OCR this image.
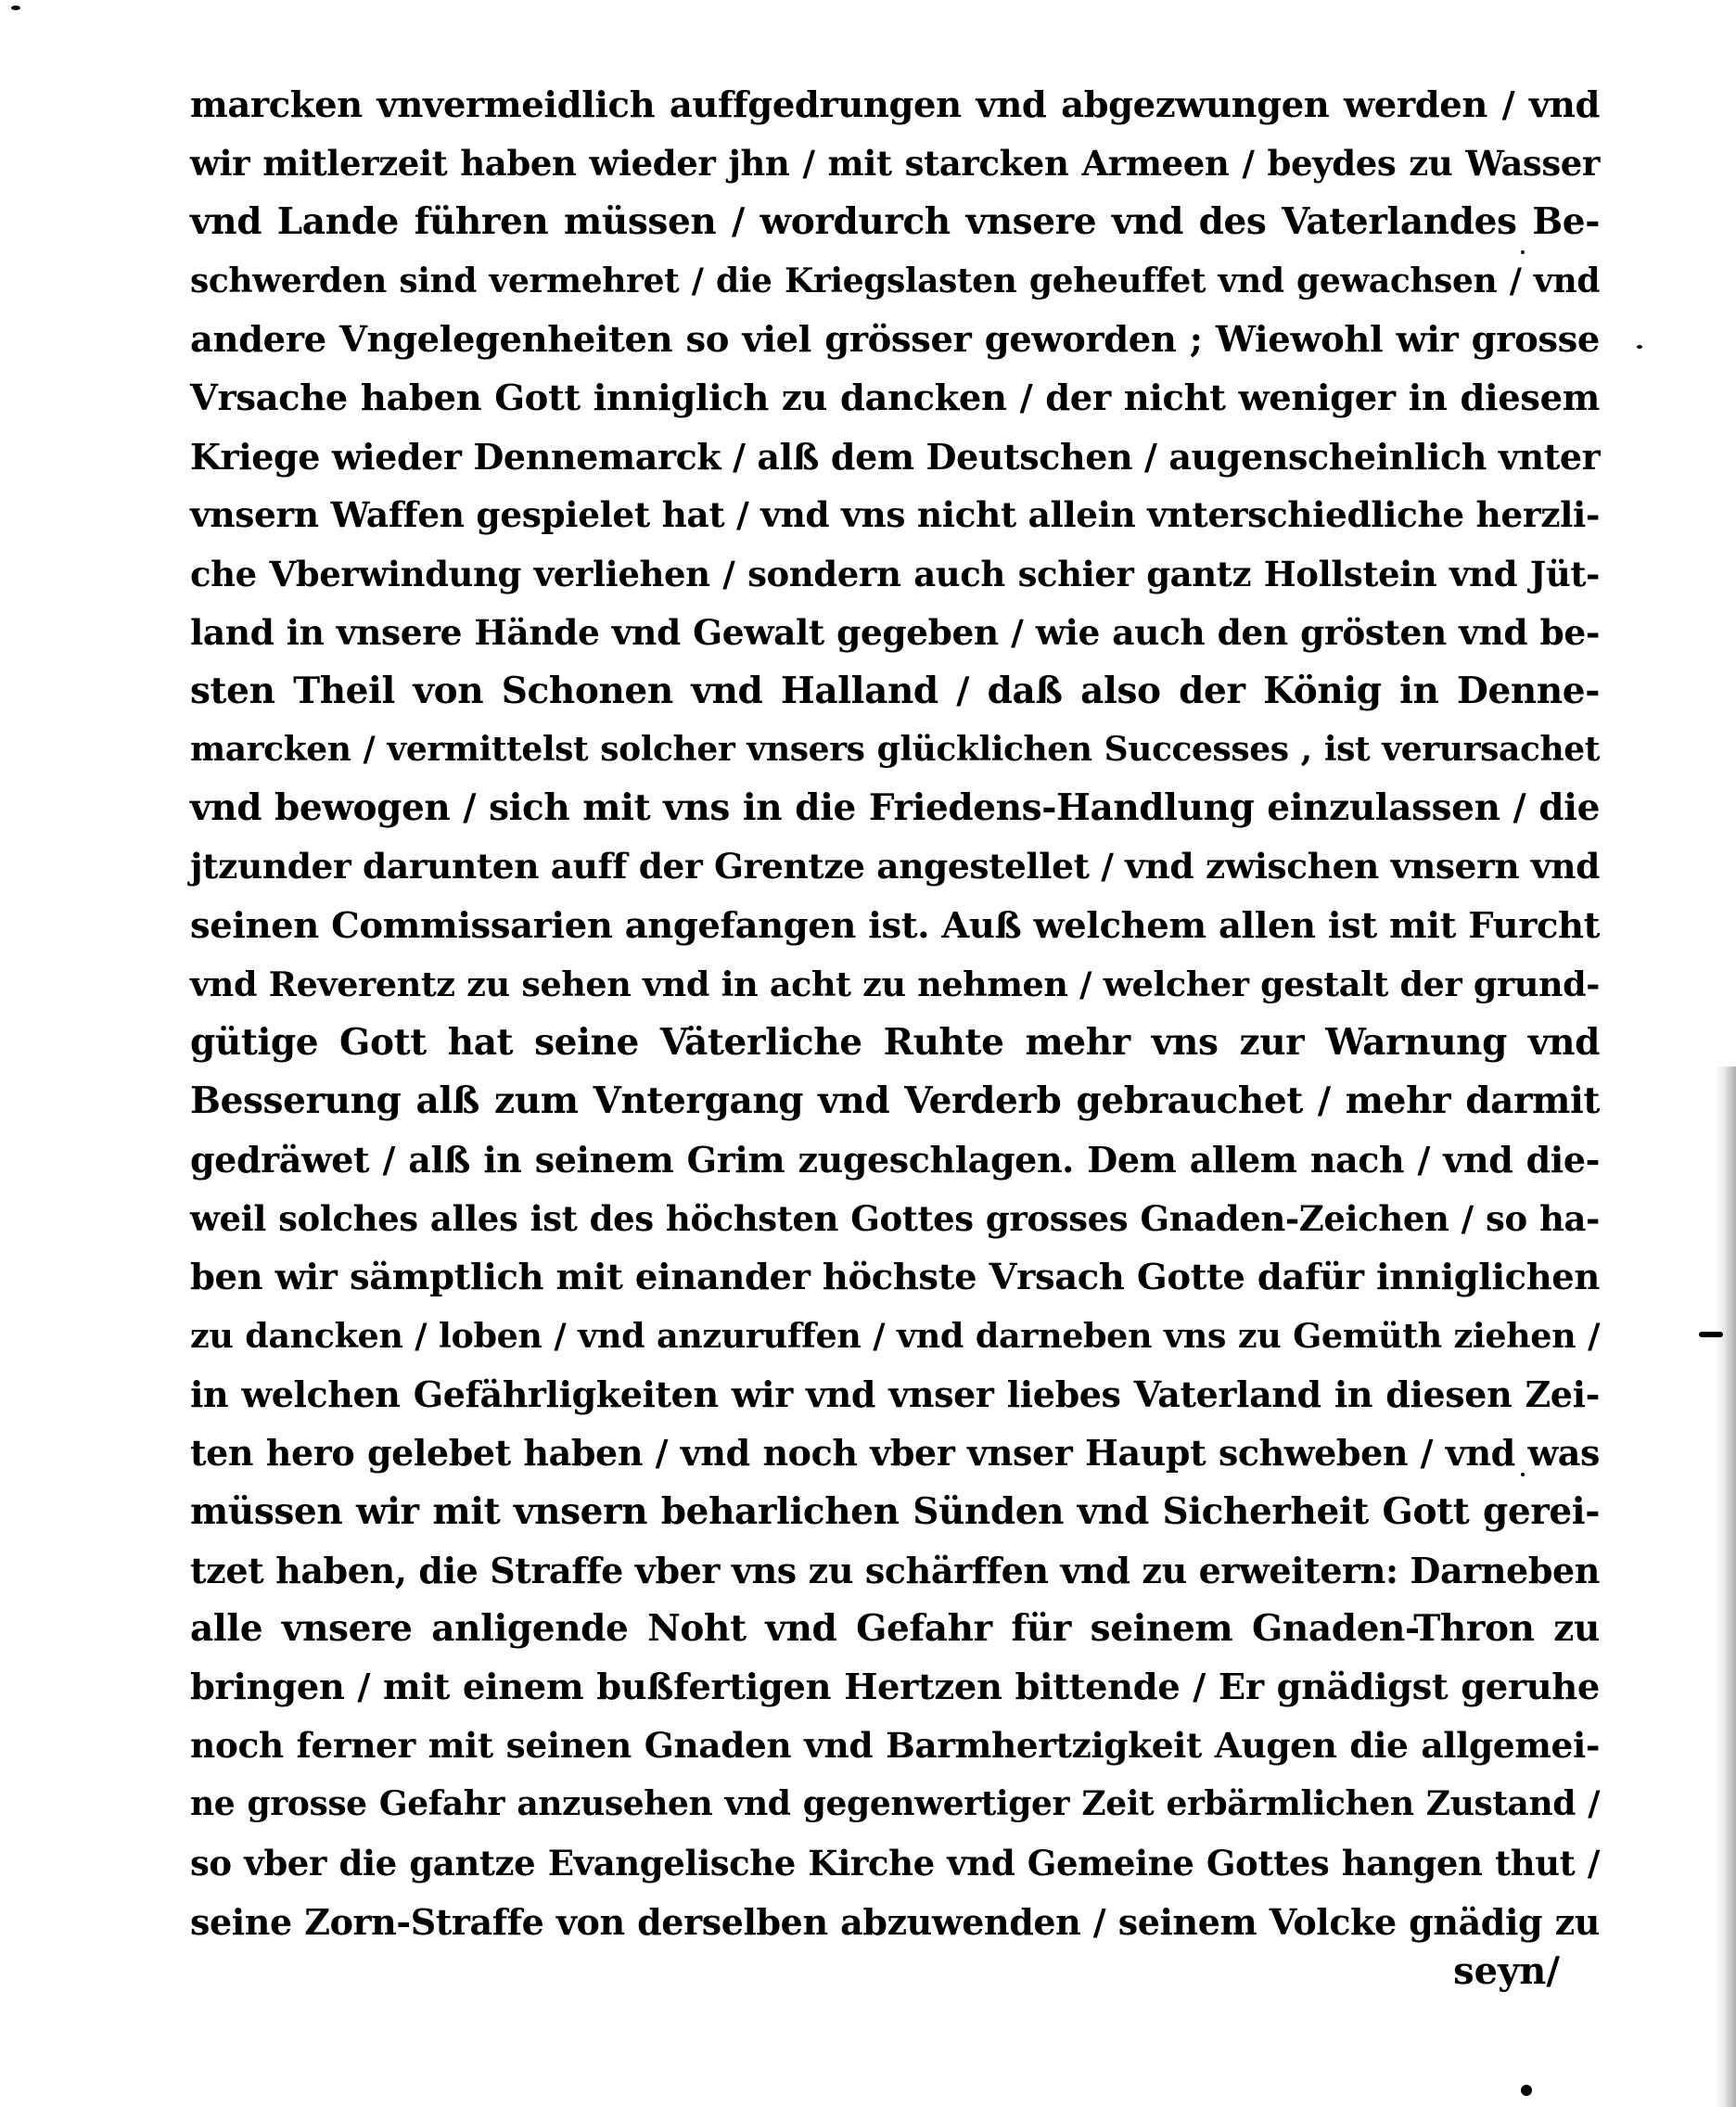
marcken vnvermeidlich auffgedrungen vnd abgezwungen werden / vnd
wir mitlerzeit haben wieder jhn / mit starcken Armeen / beydes zu Wasser
vnd Lande führen müssen / wordurch vnsere vnd des Vaterlandes Be-
schwerden sind vermehret / die Kriegslasten geheuffet vnd gewachsen / vnd
andere Vngelegenheiten so viel grösser geworden ; Wiewohl wir grosse
Vrsache haben Gott inniglich zu dancken / der nicht weniger in diesem
Kriege wieder Dennemarck / alß dem Deutschen / augenscheinlich vnter
vnsern Waffen gespielet hat / vnd vns nicht allein vnterschiedliche herzli-
che Vberwindung verliehen / sondern auch schier gantz Hollstein vnd Jüt-
land in vnsere Hände vnd Gewalt gegeben / wie auch den grösten vnd be-
sten Theil von Schonen vnd Halland / daß also der König in Denne-
marcken / vermittelst solcher vnsers glücklichen Successes , ist verursachet
vnd bewogen / sich mit vns in die Friedens-Handlung einzulassen / die
jtzunder darunten auff der Grentze angestellet / vnd zwischen vnsern vnd
seinen Commissarien angefangen ist. Auß welchem allen ist mit Furcht
vnd Reverentz zu sehen vnd in acht zu nehmen / welcher gestalt der grund-
gütige Gott hat seine Väterliche Ruhte mehr vns zur Warnung vnd
Besserung alß zum Vntergang vnd Verderb gebrauchet / mehr darmit
gedräwet / alß in seinem Grim zugeschlagen. Dem allem nach / vnd die-
weil solches alles ist des höchsten Gottes grosses Gnaden-Zeichen / so ha-
ben wir sämptlich mit einander höchste Vrsach Gotte dafür inniglichen
zu dancken / loben / vnd anzuruffen / vnd darneben vns zu Gemüth ziehen /
in welchen Gefährligkeiten wir vnd vnser liebes Vaterland in diesen Zei-
ten hero gelebet haben / vnd noch vber vnser Haupt schweben / vnd was
müssen wir mit vnsern beharlichen Sünden vnd Sicherheit Gott gerei-
tzet haben, die Straffe vber vns zu schärffen vnd zu erweitern: Darneben
alle vnsere anligende Noht vnd Gefahr für seinem Gnaden-Thron zu
bringen / mit einem bußfertigen Hertzen bittende / Er gnädigst geruhe
noch ferner mit seinen Gnaden vnd Barmhertzigkeit Augen die allgemei-
ne grosse Gefahr anzusehen vnd gegenwertiger Zeit erbärmlichen Zustand /
so vber die gantze Evangelische Kirche vnd Gemeine Gottes hangen thut /
seine Zorn-Straffe von derselben abzuwenden / seinem Volcke gnädig zu
seyn/
